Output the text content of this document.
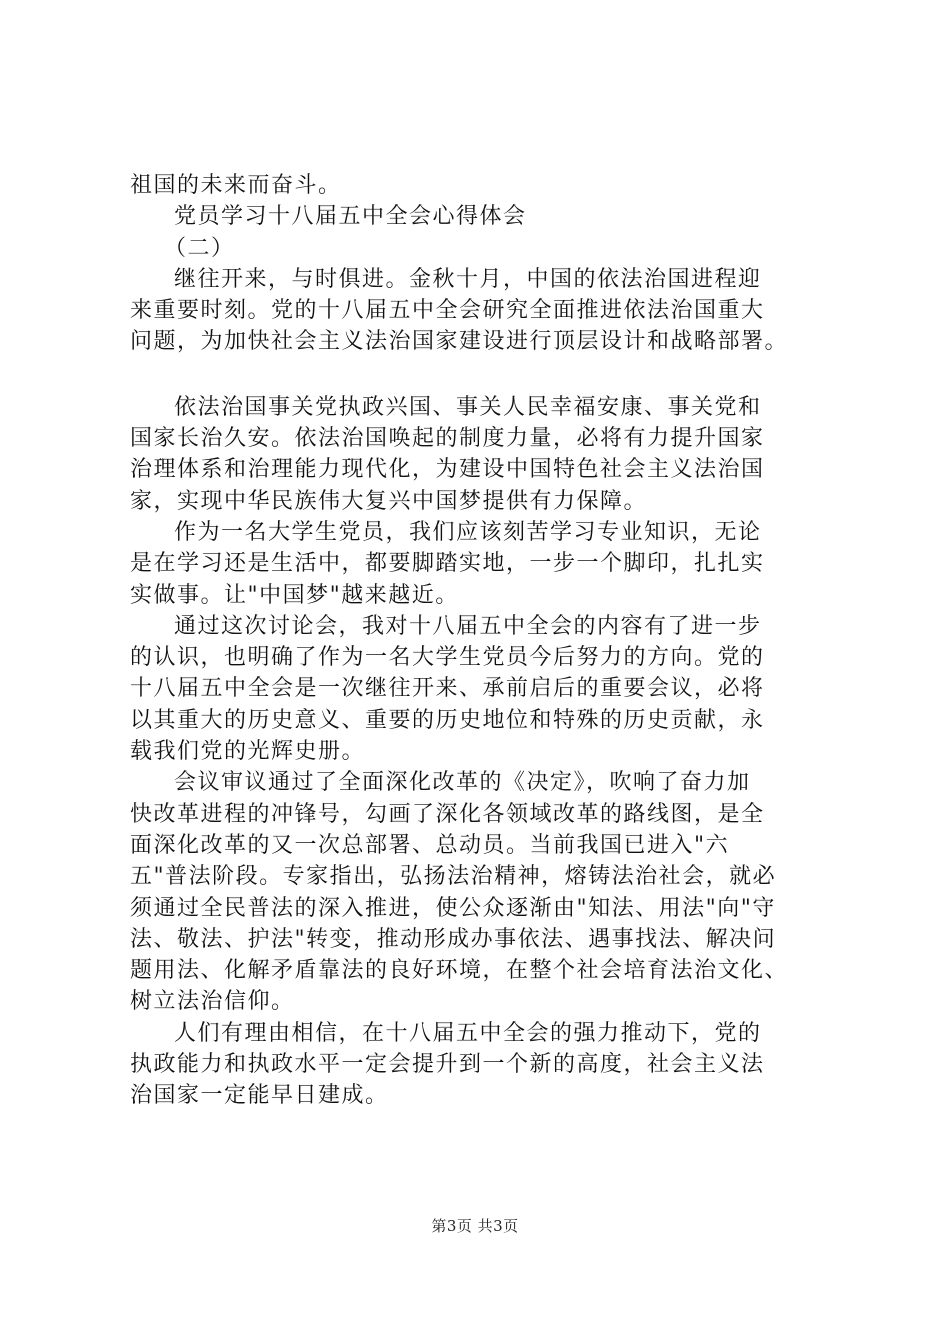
祖国的未来而奋斗。

党员学习十八届五中全会心得体会

（二）

继往开来，与时俱进。金秋十月，中国的依法治国进程迎
来重要时刻。党的十八届五中全会研究全面推进依法治国重大
问题，为加快社会主义法治国家建设进行顶层设计和战略部署。
依法治国事关党执政兴国、事关人民幸福安康、事关党和
国家长治久安。依法治国唤起的制度力量，必将有力提升国家
治理体系和治理能力现代化，为建设中国特色社会主义法治国
家，实现中华民族伟大复兴中国梦提供有力保障。
作为一名大学生党员，我们应该刻苦学习专业知识，无论
是在学习还是生活中，都要脚踏实地，一步一个脚印，扎扎实
实做事。让"中国梦"越来越近。
通过这次讨论会，我对十八届五中全会的内容有了进一步
的认识，也明确了作为一名大学生党员今后努力的方向。党的
十八届五中全会是一次继往开来、承前启后的重要会议，必将
以其重大的历史意义、重要的历史地位和特殊的历史贡献，永
载我们党的光辉史册。
会议审议通过了全面深化改革的《决定》，吹响了奋力加
快改革进程的冲锋号，勾画了深化各领域改革的路线图，是全
面深化改革的又一次总部署、总动员。当前我国已进入"六
五"普法阶段。专家指出，弘扬法治精神，熔铸法治社会，就必
须通过全民普法的深入推进，使公众逐渐由"知法、用法"向"守
法、敬法、护法"转变，推动形成办事依法、遇事找法、解决问
题用法、化解矛盾靠法的良好环境，在整个社会培育法治文化、
树立法治信仰。
人们有理由相信，在十八届五中全会的强力推动下，党的
执政能力和执政水平一定会提升到一个新的高度，社会主义法
治国家一定能早日建成。
第3页 共3页
